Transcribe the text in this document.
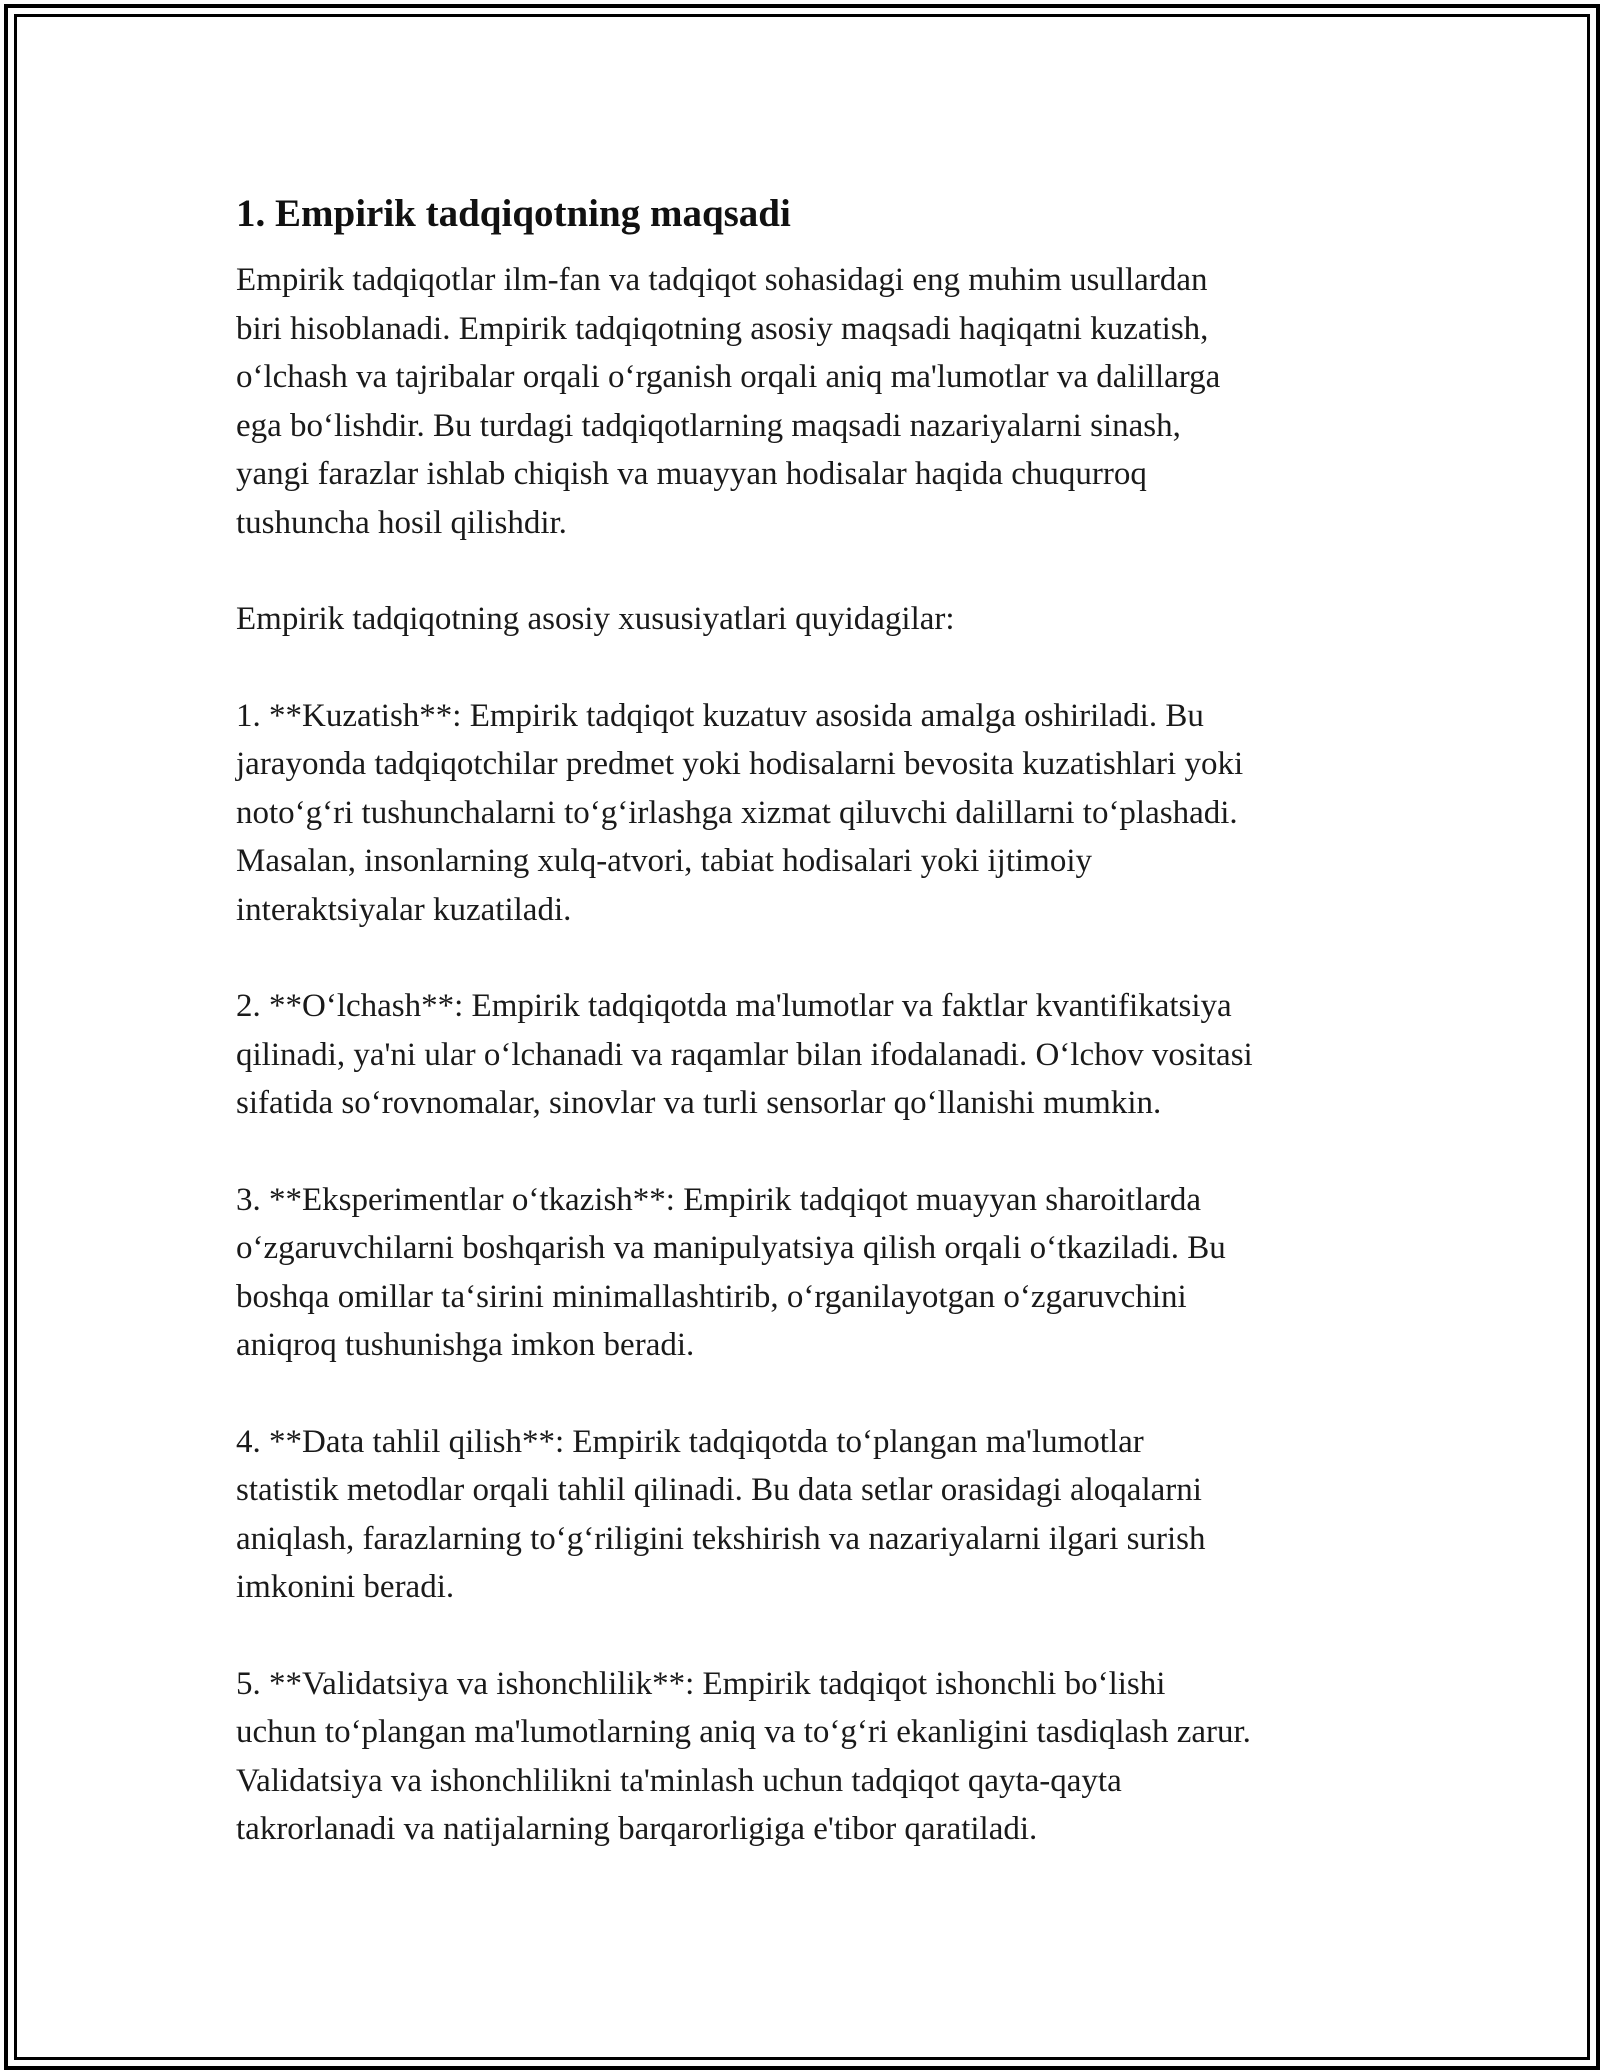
1. Empirik tadqiqotning maqsadi

Empirik tadqiqotlar ilm-fan va tadqiqot sohasidagi eng muhim usullardan
biri hisoblanadi. Empirik tadqiqotning asosiy maqsadi haqiqatni kuzatish,
o‘lchash va tajribalar orqali o‘rganish orqali aniq ma'lumotlar va dalillarga
ega bo‘lishdir. Bu turdagi tadqiqotlarning maqsadi nazariyalarni sinash,
yangi farazlar ishlab chiqish va muayyan hodisalar haqida chuqurroq
tushuncha hosil qilishdir.

Empirik tadqiqotning asosiy xususiyatlari quyidagilar:

1. **Kuzatish**: Empirik tadqiqot kuzatuv asosida amalga oshiriladi. Bu
jarayonda tadqiqotchilar predmet yoki hodisalarni bevosita kuzatishlari yoki
noto‘g‘ri tushunchalarni to‘g‘irlashga xizmat qiluvchi dalillarni to‘plashadi.
Masalan, insonlarning xulq-atvori, tabiat hodisalari yoki ijtimoiy
interaktsiyalar kuzatiladi.

2. **O‘lchash**: Empirik tadqiqotda ma'lumotlar va faktlar kvantifikatsiya
qilinadi, ya'ni ular o‘lchanadi va raqamlar bilan ifodalanadi. O‘lchov vositasi
sifatida so‘rovnomalar, sinovlar va turli sensorlar qo‘llanishi mumkin.

3. **Eksperimentlar o‘tkazish**: Empirik tadqiqot muayyan sharoitlarda
o‘zgaruvchilarni boshqarish va manipulyatsiya qilish orqali o‘tkaziladi. Bu
boshqa omillar ta‘sirini minimallashtirib, o‘rganilayotgan o‘zgaruvchini
aniqroq tushunishga imkon beradi.

4. **Data tahlil qilish**: Empirik tadqiqotda to‘plangan ma'lumotlar
statistik metodlar orqali tahlil qilinadi. Bu data setlar orasidagi aloqalarni
aniqlash, farazlarning to‘g‘riligini tekshirish va nazariyalarni ilgari surish
imkonini beradi.

5. **Validatsiya va ishonchlilik**: Empirik tadqiqot ishonchli bo‘lishi
uchun to‘plangan ma'lumotlarning aniq va to‘g‘ri ekanligini tasdiqlash zarur.
Validatsiya va ishonchlilikni ta'minlash uchun tadqiqot qayta-qayta
takrorlanadi va natijalarning barqarorligiga e'tibor qaratiladi.
